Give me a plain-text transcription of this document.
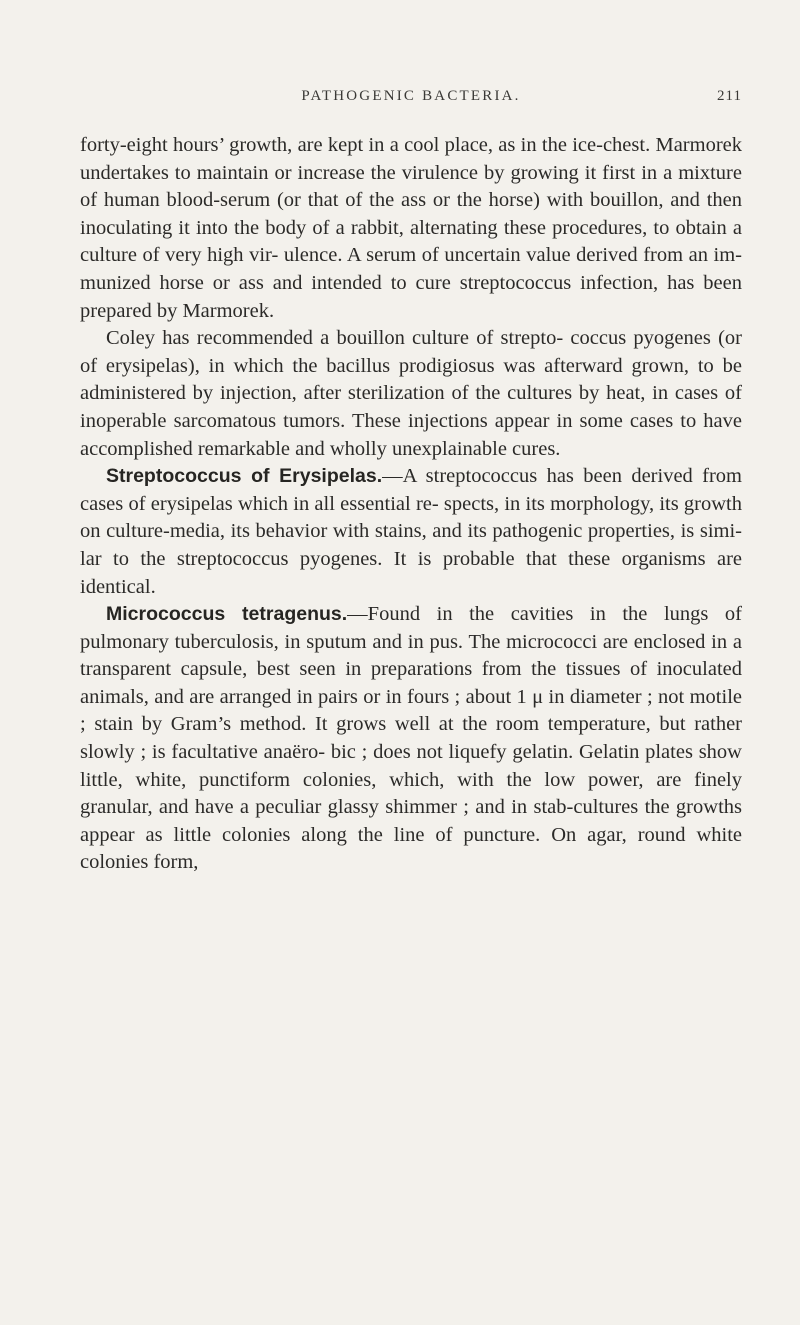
PATHOGENIC BACTERIA.	211

forty-eight hours’ growth, are kept in a cool place, as in the ice-chest. Marmorek undertakes to maintain or increase the virulence by growing it first in a mixture of human blood-serum (or that of the ass or the horse) with bouillon, and then inoculating it into the body of a rabbit, alternating these procedures, to obtain a culture of very high vir- ulence. A serum of uncertain value derived from an im- munized horse or ass and intended to cure streptococcus infection, has been prepared by Marmorek.

Coley has recommended a bouillon culture of strepto- coccus pyogenes (or of erysipelas), in which the bacillus prodigiosus was afterward grown, to be administered by injection, after sterilization of the cultures by heat, in cases of inoperable sarcomatous tumors. These injections appear in some cases to have accomplished remarkable and wholly unexplainable cures.

Streptococcus of Erysipelas.—A streptococcus has been derived from cases of erysipelas which in all essential re- spects, in its morphology, its growth on culture-media, its behavior with stains, and its pathogenic properties, is simi- lar to the streptococcus pyogenes. It is probable that these organisms are identical.

Micrococcus tetragenus.—Found in the cavities in the lungs of pulmonary tuberculosis, in sputum and in pus. The micrococci are enclosed in a transparent capsule, best seen in preparations from the tissues of inoculated animals, and are arranged in pairs or in fours ; about 1 μ in diameter ; not motile ; stain by Gram’s method. It grows well at the room temperature, but rather slowly ; is facultative anaëro- bic ; does not liquefy gelatin. Gelatin plates show little, white, punctiform colonies, which, with the low power, are finely granular, and have a peculiar glassy shimmer ; and in stab-cultures the growths appear as little colonies along the line of puncture. On agar, round white colonies form,
